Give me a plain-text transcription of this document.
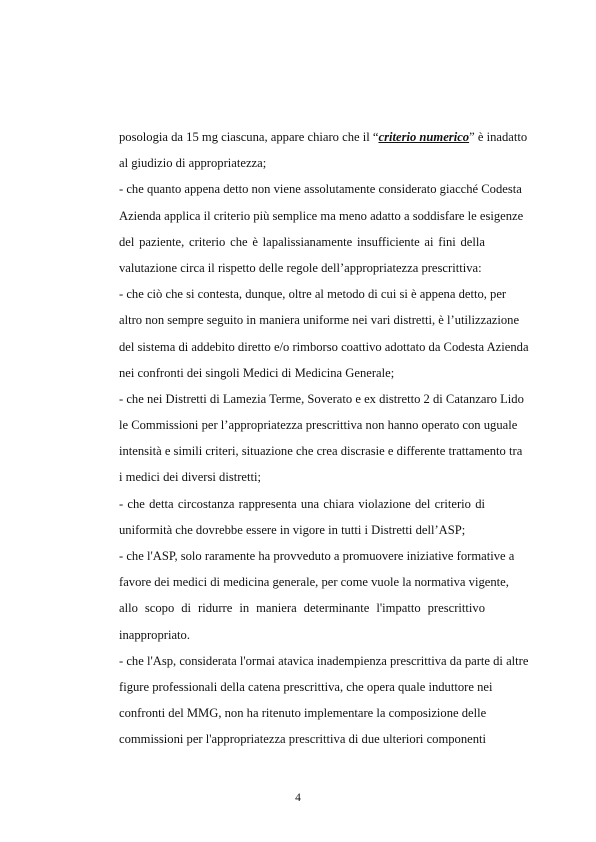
posologia da 15 mg ciascuna, appare chiaro che il “criterio numerico” è inadatto
al giudizio di appropriatezza;
- che quanto appena detto non viene assolutamente considerato giacché Codesta
Azienda applica il criterio più semplice ma meno adatto a soddisfare le esigenze
del paziente, criterio che è lapalissianamente insufficiente ai fini della
valutazione circa il rispetto delle regole dell’appropriatezza prescrittiva:
- che ciò che si contesta, dunque, oltre al metodo di cui si è appena detto, per
altro non sempre seguito in maniera uniforme nei vari distretti, è l’utilizzazione
del sistema di addebito diretto e/o rimborso coattivo adottato da Codesta Azienda
nei confronti dei singoli Medici di Medicina Generale;
- che nei Distretti di Lamezia Terme, Soverato e ex distretto 2 di Catanzaro Lido
le Commissioni per l’appropriatezza prescrittiva non hanno operato con uguale
intensità e simili criteri, situazione che crea discrasie e differente trattamento tra
i medici dei diversi distretti;
- che detta circostanza rappresenta una chiara violazione del criterio di
uniformità che dovrebbe essere in vigore in tutti i Distretti dell’ASP;
- che l'ASP, solo raramente ha provveduto a promuovere iniziative formative a
favore dei medici di medicina generale, per come vuole la normativa vigente,
allo scopo di ridurre in maniera determinante l'impatto prescrittivo
inappropriato.
- che l'Asp, considerata l'ormai atavica inadempienza prescrittiva da parte di altre
figure professionali della catena prescrittiva, che opera quale induttore nei
confronti del MMG, non ha ritenuto implementare la composizione delle
commissioni per l'appropriatezza prescrittiva di due ulteriori componenti
4
